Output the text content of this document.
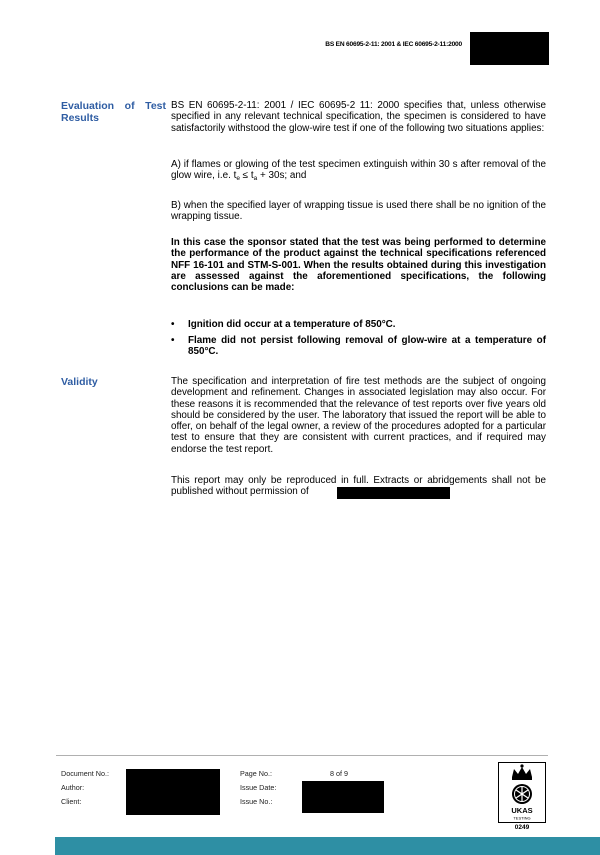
BS EN 60695-2-11: 2001 & IEC 60695-2-11:2000
Evaluation of Test Results
BS EN 60695-2-11: 2001 / IEC 60695-2 11: 2000 specifies that, unless otherwise specified in any relevant technical specification, the specimen is considered to have satisfactorily withstood the glow-wire test if one of the following two situations applies:
A) if flames or glowing of the test specimen extinguish within 30 s after removal of the glow wire, i.e. $t_e \le t_a + 30s$; and
B) when the specified layer of wrapping tissue is used there shall be no ignition of the wrapping tissue.
In this case the sponsor stated that the test was being performed to determine the performance of the product against the technical specifications referenced NFF 16-101 and STM-S-001. When the results obtained during this investigation are assessed against the aforementioned specifications, the following conclusions can be made:
• Ignition did occur at a temperature of 850°C.
• Flame did not persist following removal of glow-wire at a temperature of 850°C.
Validity	The specification and interpretation of fire test methods are the subject of ongoing development and refinement. Changes in associated legislation may also occur. For these reasons it is recommended that the relevance of test reports over five years old should be considered by the user. The laboratory that issued the report will be able to offer, on behalf of the legal owner, a review of the procedures adopted for a particular test to ensure that they are consistent with current practices, and if required may endorse the test report.
This report may only be reproduced in full. Extracts or abridgements shall not be published without permission of
Document No.:
Author:
Client:
Page No.:	8 of 9
Issue Date:
Issue No.:
UKAS
TESTING
0249
